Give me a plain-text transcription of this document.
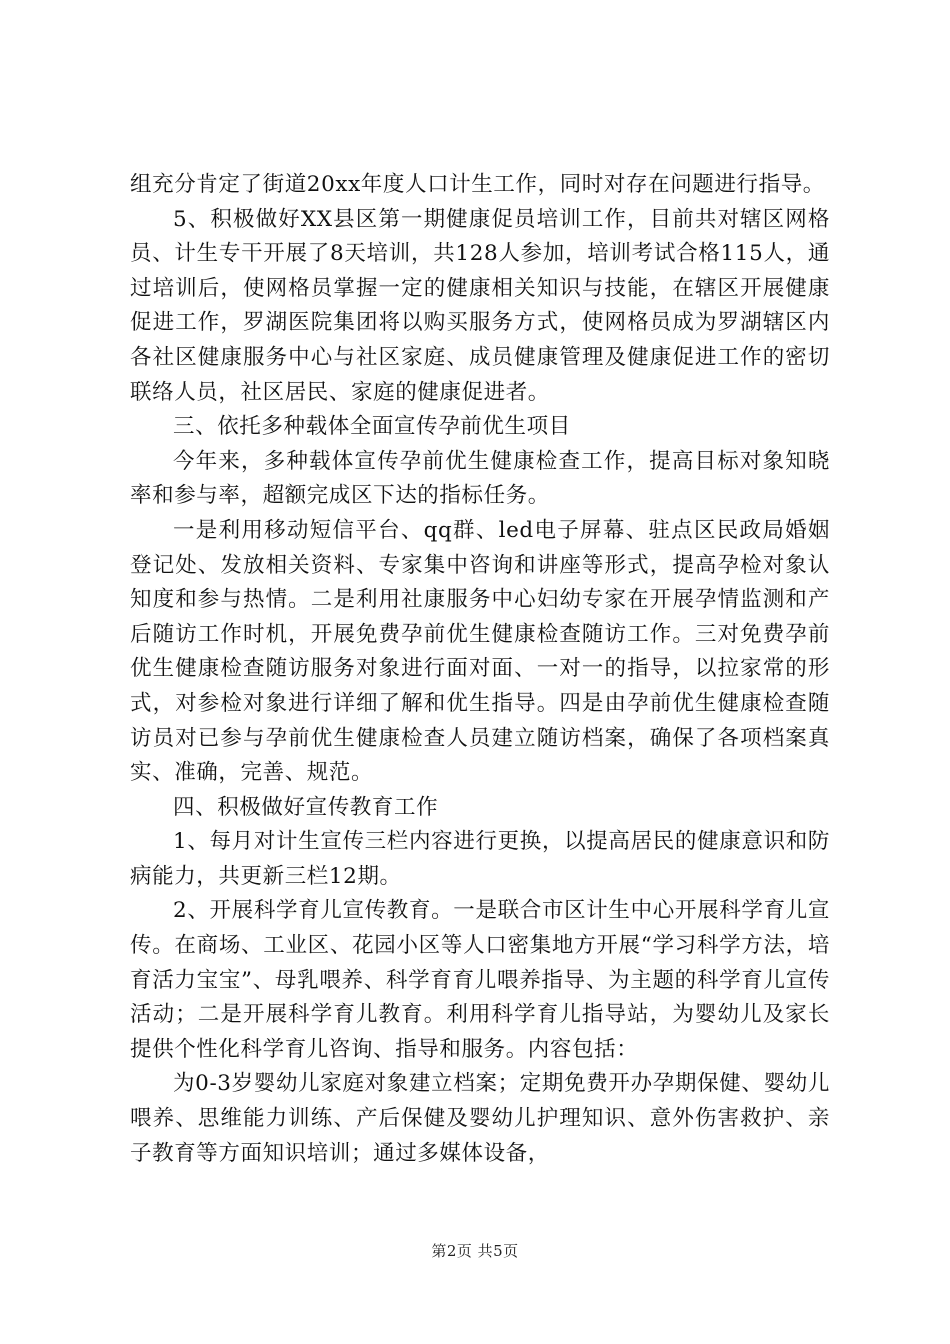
组充分肯定了街道20xx年度人口计生工作，同时对存在问题进行指导。

5、积极做好XX县区第一期健康促员培训工作，目前共对辖区网格员、计生专干开展了8天培训，共128人参加，培训考试合格115人，通过培训后，使网格员掌握一定的健康相关知识与技能，在辖区开展健康促进工作，罗湖医院集团将以购买服务方式，使网格员成为罗湖辖区内各社区健康服务中心与社区家庭、成员健康管理及健康促进工作的密切联络人员，社区居民、家庭的健康促进者。

三、依托多种载体全面宣传孕前优生项目

今年来，多种载体宣传孕前优生健康检查工作，提高目标对象知晓率和参与率，超额完成区下达的指标任务。

一是利用移动短信平台、qq群、led电子屏幕、驻点区民政局婚姻登记处、发放相关资料、专家集中咨询和讲座等形式，提高孕检对象认知度和参与热情。二是利用社康服务中心妇幼专家在开展孕情监测和产后随访工作时机，开展免费孕前优生健康检查随访工作。三对免费孕前优生健康检查随访服务对象进行面对面、一对一的指导，以拉家常的形式，对参检对象进行详细了解和优生指导。四是由孕前优生健康检查随访员对已参与孕前优生健康检查人员建立随访档案，确保了各项档案真实、准确，完善、规范。

四、积极做好宣传教育工作

1、每月对计生宣传三栏内容进行更换，以提高居民的健康意识和防病能力，共更新三栏12期。

2、开展科学育儿宣传教育。一是联合市区计生中心开展科学育儿宣传。在商场、工业区、花园小区等人口密集地方开展“学习科学方法，培育活力宝宝”、母乳喂养、科学育育儿喂养指导、为主题的科学育儿宣传活动；二是开展科学育儿教育。利用科学育儿指导站，为婴幼儿及家长提供个性化科学育儿咨询、指导和服务。内容包括：

为0-3岁婴幼儿家庭对象建立档案；定期免费开办孕期保健、婴幼儿喂养、思维能力训练、产后保健及婴幼儿护理知识、意外伤害救护、亲子教育等方面知识培训；通过多媒体设备，

第2页 共5页
